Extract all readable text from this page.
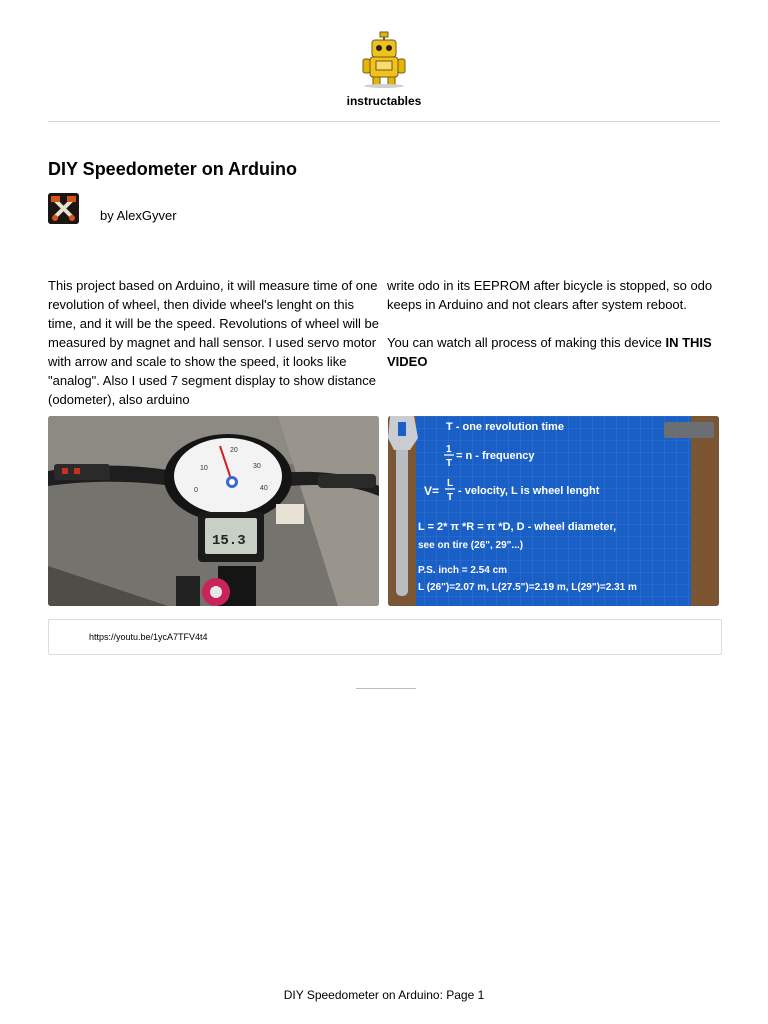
instructables
DIY Speedometer on Arduino
by AlexGyver

This project based on Arduino, it will measure time of one revolution of wheel, then divide wheel's lenght on this time, and it will be the speed. Revolutions of wheel will be measured by magnet and hall sensor. I used servo motor with arrow and scale to show the speed, it looks like "analog". Also I used 7 segment display to show distance (odometer), also arduino

write odo in its EEPROM after bicycle is stopped, so odo keeps in Arduino and not clears after system reboot.

You can watch all process of making this device IN THIS VIDEO

10
20
30
40
0
15.3
T - one revolution time
1
T
= n - frequency
V=
L
T
- velocity, L is wheel lenght
L = 2* π *R = π *D, D - wheel diameter,
see on tire (26", 29"...)
P.S. inch = 2.54 cm
L (26")=2.07 m, L(27.5")=2.19 m, L(29")=2.31 m
https://youtu.be/1ycA7TFV4t4
DIY Speedometer on Arduino: Page 1
